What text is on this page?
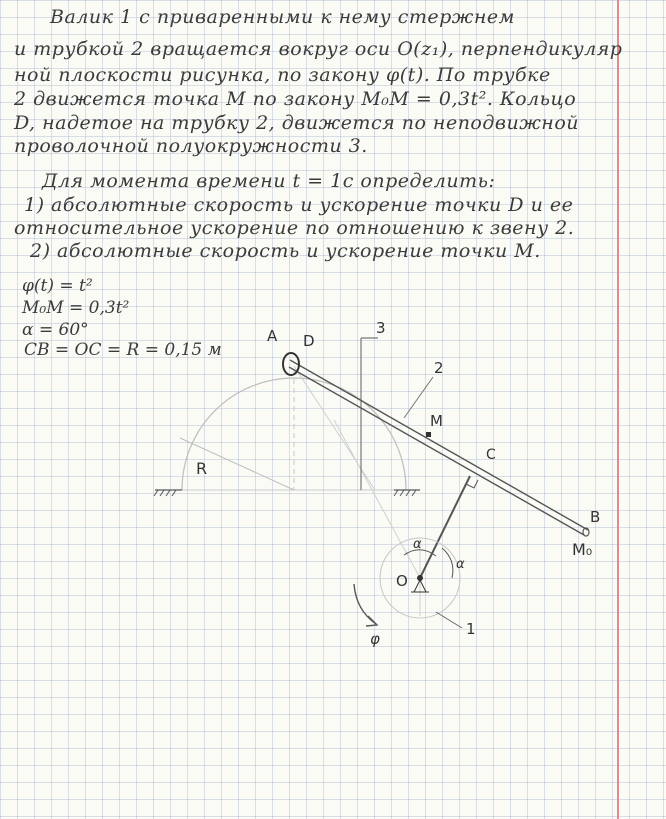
Валик 1 с приваренными к нему стержнем
и трубкой 2 вращается вокруг оси O(z₁), перпендикуляр
ной плоскости рисунка, по закону φ(t). По трубке
2 движется точка M по закону M₀M = 0,3t². Кольцо
D, надетое на трубку 2, движется по неподвижной
проволочной полуокружности 3.
Для момента времени t = 1c определить:
1) абсолютные скорость и ускорение точки D и ее
относительное ускорение по отношению к звену 2.
2) абсолютные скорость и ускорение точки M.
φ(t) = t²
M₀M = 0,3t²
α = 60°
CB = OC = R = 0,15 м
A D
3
2
M
C
B
M₀
R
O
α
α
φ
1
